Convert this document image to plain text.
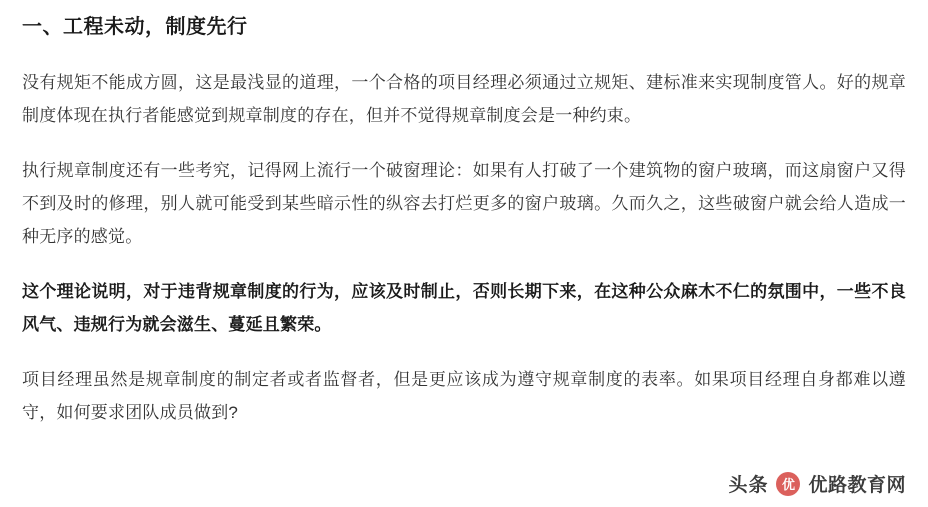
一、工程未动，制度先行

没有规矩不能成方圆，这是最浅显的道理，一个合格的项目经理必须通过立规矩、建标准来实现制度管人。好的规章制度体现在执行者能感觉到规章制度的存在，但并不觉得规章制度会是一种约束。

执行规章制度还有一些考究，记得网上流行一个破窗理论：如果有人打破了一个建筑物的窗户玻璃，而这扇窗户又得不到及时的修理，别人就可能受到某些暗示性的纵容去打烂更多的窗户玻璃。久而久之，这些破窗户就会给人造成一种无序的感觉。

这个理论说明，对于违背规章制度的行为，应该及时制止，否则长期下来，在这种公众麻木不仁的氛围中，一些不良风气、违规行为就会滋生、蔓延且繁荣。

项目经理虽然是规章制度的制定者或者监督者，但是更应该成为遵守规章制度的表率。如果项目经理自身都难以遵守，如何要求团队成员做到?

头条	优 优路教育网
